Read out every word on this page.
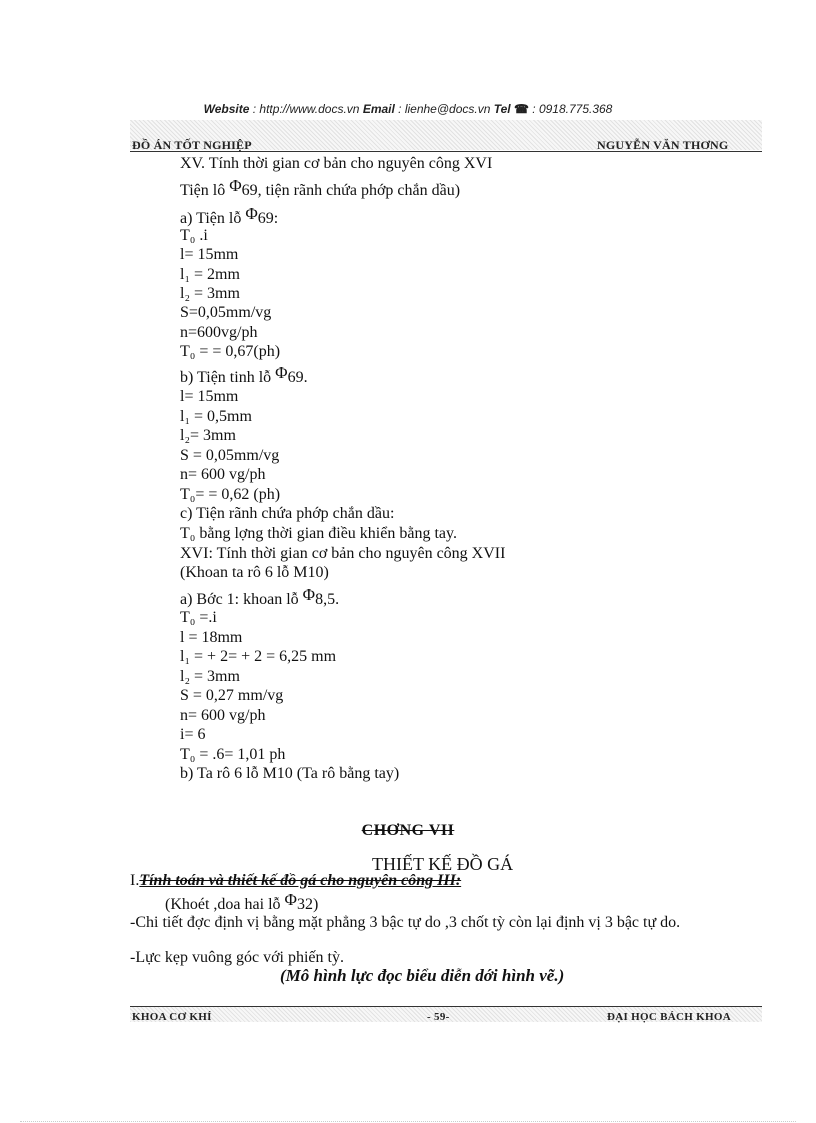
Website : http://www.docs.vn Email : lienhe@docs.vn Tel ☎ : 0918.775.368
ĐỒ ÁN TỐT NGHIỆP	NGUYỄN VĂN THƠNG
XV. Tính thời gian cơ bản cho nguyên công XVI
Tiện lô Φ69, tiện rãnh chứa phớp chắn dầu)
a) Tiện lỗ Φ69:
T₀ .i
l= 15mm
l₁ = 2mm
l₂ = 3mm
S=0,05mm/vg
n=600vg/ph
T₀ = = 0,67(ph)
b) Tiện tinh lỗ Φ69.
l= 15mm
l₁ = 0,5mm
l₂= 3mm
S = 0,05mm/vg
n= 600 vg/ph
T₀= = 0,62 (ph)
c) Tiện rãnh chứa phớp chắn dầu:
T₀ bằng lợng thời gian điều khiển bằng tay.
XVI: Tính thời gian cơ bản cho nguyên công XVII
(Khoan ta rô 6 lỗ M10)
a) Bớc 1: khoan lỗ Φ8,5.
T₀ =.i
l = 18mm
l₁ = + 2= + 2 = 6,25 mm
l₂ = 3mm
S = 0,27 mm/vg
n= 600 vg/ph
i= 6
T₀ = .6= 1,01 ph
b) Ta rô 6 lỗ M10 (Ta rô bằng tay)
CHƠNG VII
THIẾT KẾ ĐỒ GÁ
I.Tính toán và thiết kế đồ gá cho nguyên công III:
(Khoét ,doa hai lỗ Φ32)
-Chi tiết đợc định vị bằng mặt phẳng 3 bậc tự do ,3 chốt tỳ còn lại định vị 3 bậc tự do.
-Lực kẹp vuông góc với phiến tỳ.
(Mô hình lực đọc biểu diễn dới hình vẽ.)
KHOA CƠ KHÍ	- 59-	ĐẠI HỌC BÁCH KHOA
